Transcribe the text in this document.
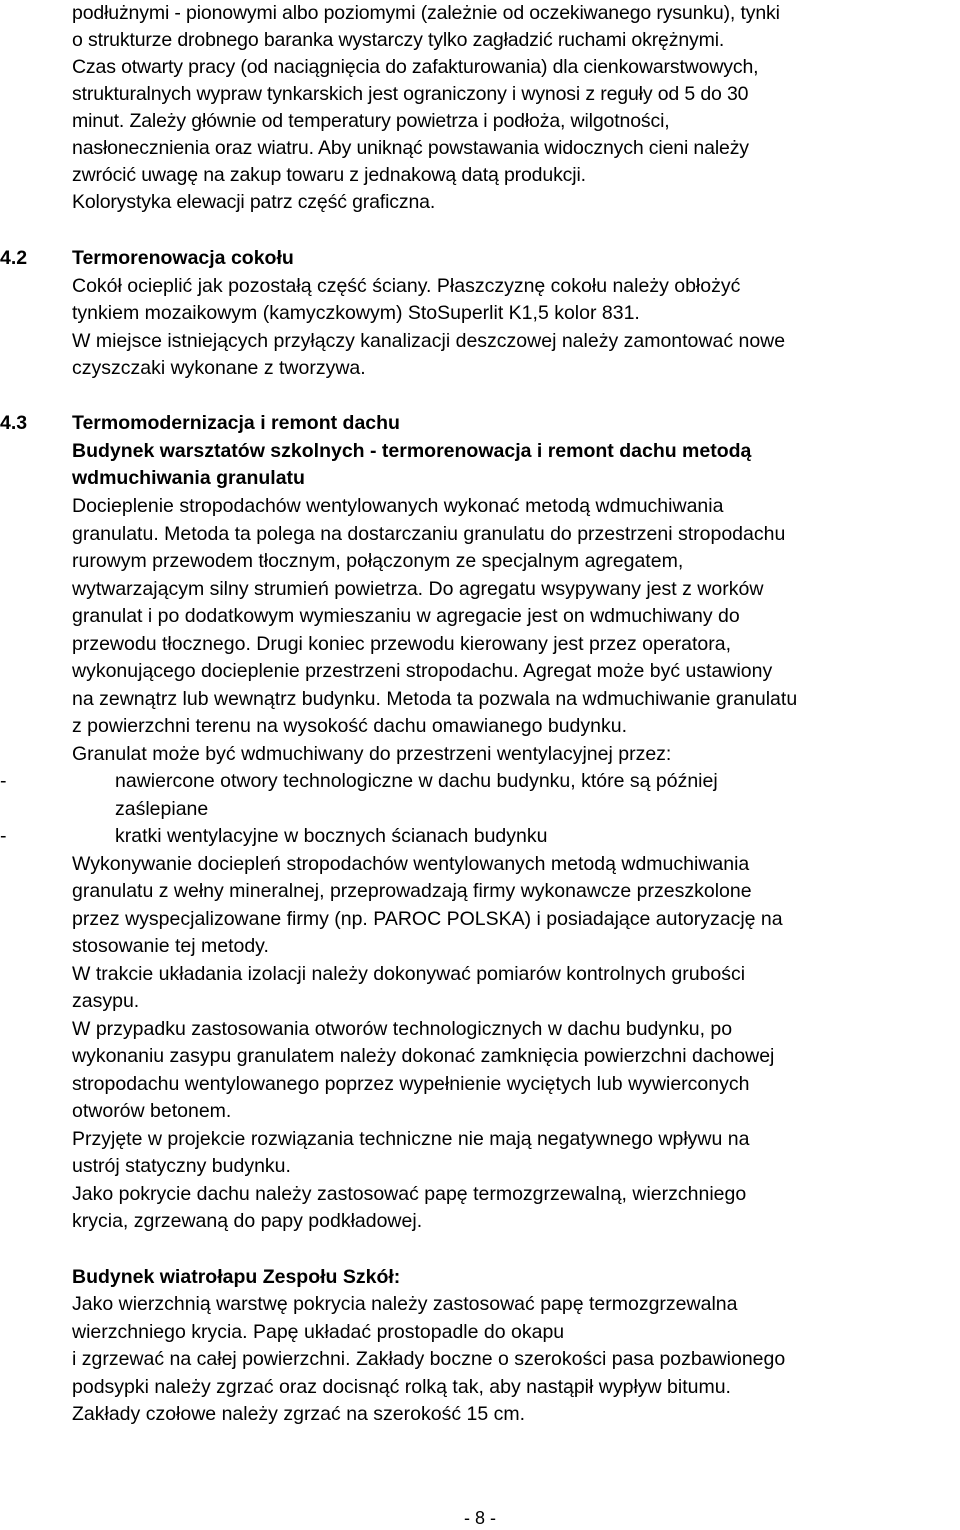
podłużnymi - pionowymi albo poziomymi (zależnie od oczekiwanego rysunku), tynki
o strukturze drobnego baranka wystarczy tylko zagładzić ruchami okrężnymi.
Czas otwarty pracy (od naciągnięcia do zafakturowania) dla cienkowarstwowych,
strukturalnych wypraw tynkarskich jest ograniczony i wynosi z reguły od 5 do 30
minut. Zależy głównie od temperatury powietrza i podłoża, wilgotności,
nasłonecznienia oraz wiatru. Aby uniknąć powstawania widocznych cieni należy
zwrócić uwagę na zakup towaru z jednakową datą produkcji.
Kolorystyka elewacji patrz część graficzna.
4.2 Termorenowacja cokołu
Cokół ocieplić jak pozostałą część ściany. Płaszczyznę cokołu należy obłożyć
tynkiem mozaikowym (kamyczkowym) StoSuperlit K1,5 kolor 831.
W miejsce istniejących przyłączy kanalizacji deszczowej należy zamontować nowe
czyszczaki wykonane z tworzywa.
4.3 Termomodernizacja i remont dachu
Budynek warsztatów szkolnych - termorenowacja i remont dachu metodą
wdmuchiwania granulatu
Docieplenie stropodachów wentylowanych wykonać metodą wdmuchiwania
granulatu. Metoda ta polega na dostarczaniu granulatu do przestrzeni stropodachu
rurowym przewodem tłocznym, połączonym ze specjalnym agregatem,
wytwarzającym silny strumień powietrza. Do agregatu wsypywany jest z worków
granulat i po dodatkowym wymieszaniu w agregacie jest on wdmuchiwany do
przewodu tłocznego. Drugi koniec przewodu kierowany jest przez operatora,
wykonującego docieplenie przestrzeni stropodachu. Agregat może być ustawiony
na zewnątrz lub wewnątrz budynku. Metoda ta pozwala na wdmuchiwanie granulatu
z powierzchni terenu na wysokość dachu omawianego budynku.
Granulat może być wdmuchiwany do przestrzeni wentylacyjnej przez:
-	nawiercone otwory technologiczne w dachu budynku, które są później
zaślepiane
-	kratki wentylacyjne w bocznych ścianach budynku
Wykonywanie dociepleń stropodachów wentylowanych metodą wdmuchiwania
granulatu z wełny mineralnej, przeprowadzają firmy wykonawcze przeszkolone
przez wyspecjalizowane firmy (np. PAROC POLSKA) i posiadające autoryzację na
stosowanie tej metody.
W trakcie układania izolacji należy dokonywać pomiarów kontrolnych grubości
zasypu.
W przypadku zastosowania otworów technologicznych w dachu budynku, po
wykonaniu zasypu granulatem należy dokonać zamknięcia powierzchni dachowej
stropodachu wentylowanego poprzez wypełnienie wyciętych lub wywierconych
otworów betonem.
Przyjęte w projekcie rozwiązania techniczne nie mają negatywnego wpływu na
ustrój statyczny budynku.
Jako pokrycie dachu należy zastosować papę termozgrzewalną, wierzchniego
krycia, zgrzewaną do papy podkładowej.
Budynek wiatrołapu Zespołu Szkół:
Jako wierzchnią warstwę pokrycia należy zastosować papę termozgrzewalna
wierzchniego krycia. Papę układać prostopadle do okapu
i zgrzewać na całej powierzchni. Zakłady boczne o szerokości pasa pozbawionego
podsypki należy zgrzać oraz docisnąć rolką tak, aby nastąpił wypływ bitumu.
Zakłady czołowe należy zgrzać na szerokość 15 cm.
- 8 -
